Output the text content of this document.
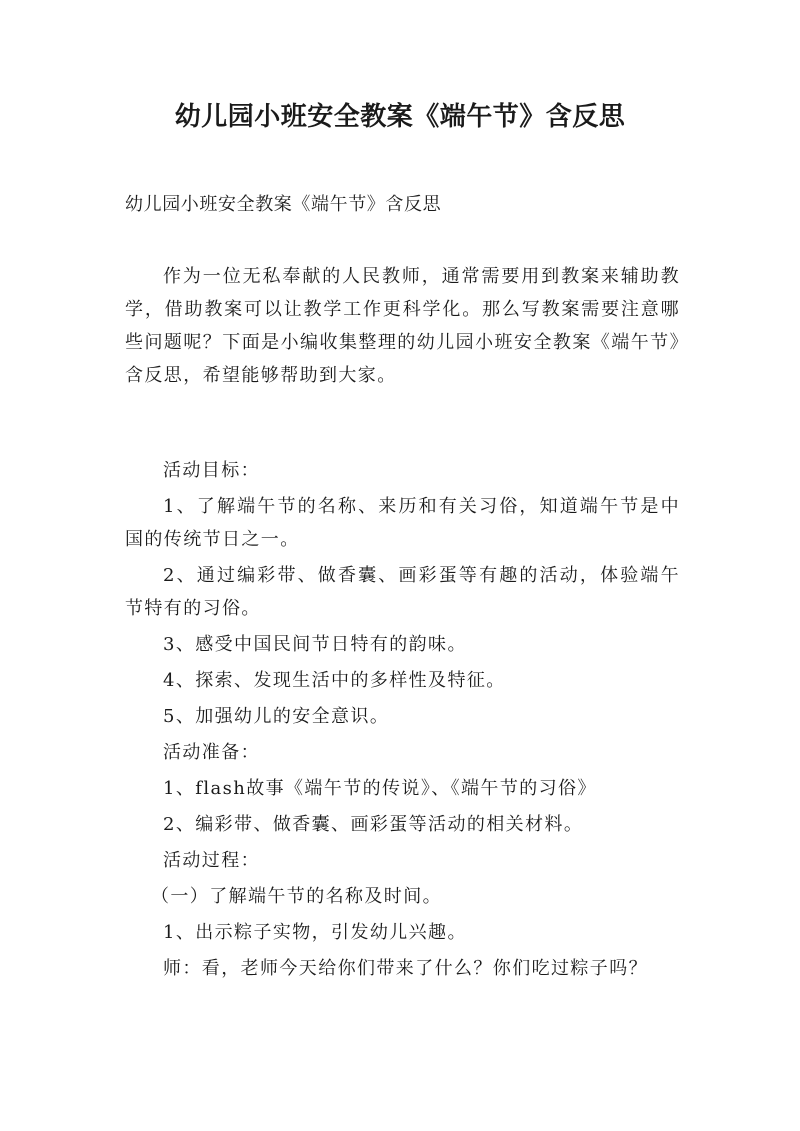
幼儿园小班安全教案《端午节》含反思

幼儿园小班安全教案《端午节》含反思

作为一位无私奉献的人民教师，通常需要用到教案来辅助教学，借助教案可以让教学工作更科学化。那么写教案需要注意哪些问题呢？下面是小编收集整理的幼儿园小班安全教案《端午节》含反思，希望能够帮助到大家。

活动目标：

1、了解端午节的名称、来历和有关习俗，知道端午节是中国的传统节日之一。

2、通过编彩带、做香囊、画彩蛋等有趣的活动，体验端午节特有的习俗。

3、感受中国民间节日特有的韵味。

4、探索、发现生活中的多样性及特征。

5、加强幼儿的安全意识。

活动准备：

1、flash故事《端午节的传说》、《端午节的习俗》

2、编彩带、做香囊、画彩蛋等活动的相关材料。

活动过程：

（一）了解端午节的名称及时间。

1、出示粽子实物，引发幼儿兴趣。

师：看，老师今天给你们带来了什么？你们吃过粽子吗？
